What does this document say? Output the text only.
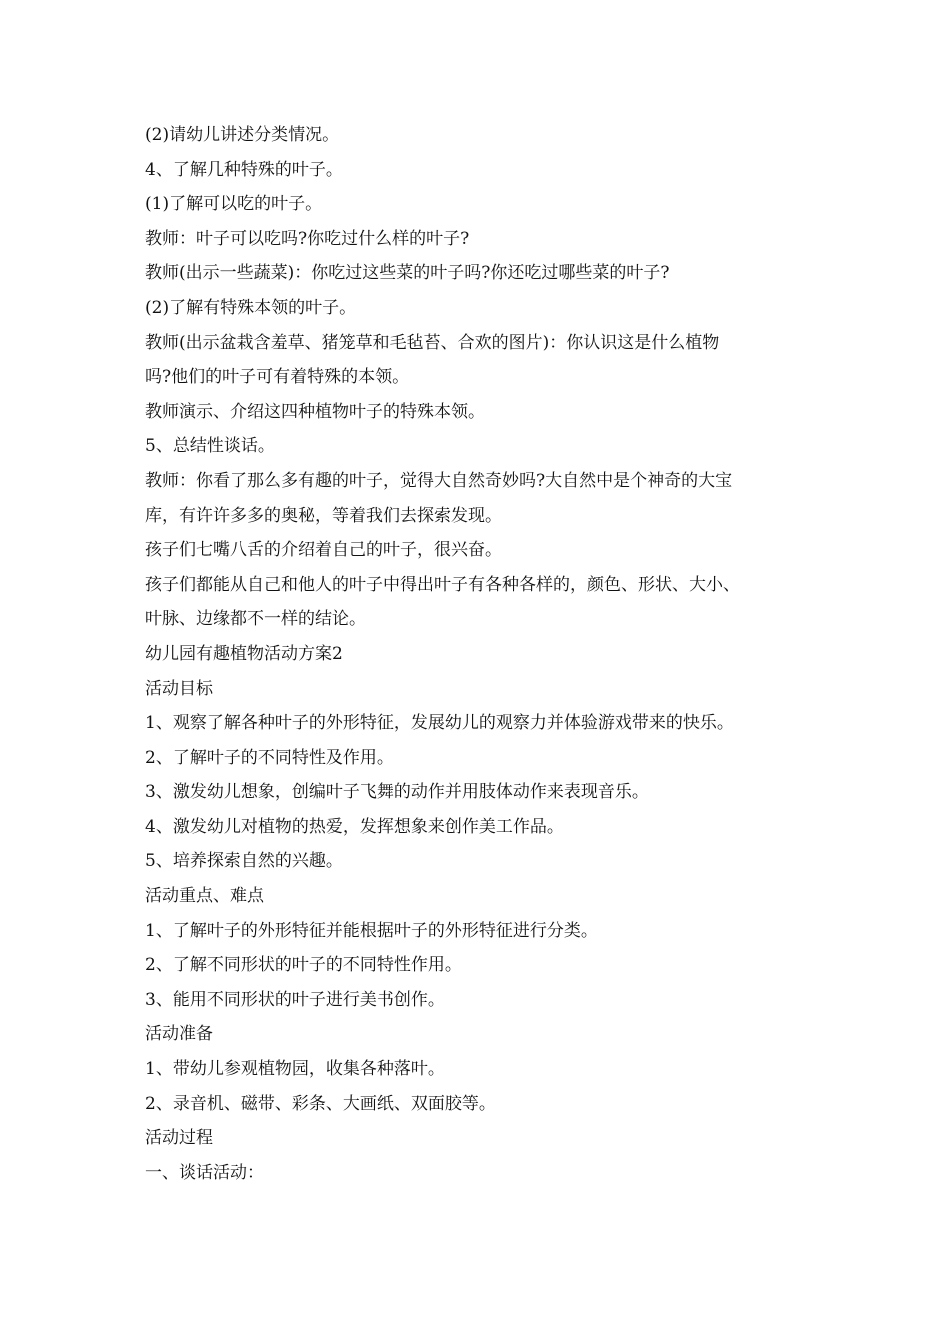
(2)请幼儿讲述分类情况。

4、了解几种特殊的叶子。

(1)了解可以吃的叶子。

教师：叶子可以吃吗?你吃过什么样的叶子?

教师(出示一些蔬菜)：你吃过这些菜的叶子吗?你还吃过哪些菜的叶子?

(2)了解有特殊本领的叶子。

教师(出示盆栽含羞草、猪笼草和毛毡苔、合欢的图片)：你认识这是什么植物

吗?他们的叶子可有着特殊的本领。

教师演示、介绍这四种植物叶子的特殊本领。

5、总结性谈话。

教师：你看了那么多有趣的叶子，觉得大自然奇妙吗?大自然中是个神奇的大宝

库，有许许多多的奥秘，等着我们去探索发现。

孩子们七嘴八舌的介绍着自己的叶子，很兴奋。

孩子们都能从自己和他人的叶子中得出叶子有各种各样的，颜色、形状、大小、

叶脉、边缘都不一样的结论。

幼儿园有趣植物活动方案2

活动目标

1、观察了解各种叶子的外形特征，发展幼儿的观察力并体验游戏带来的快乐。

2、了解叶子的不同特性及作用。

3、激发幼儿想象，创编叶子飞舞的动作并用肢体动作来表现音乐。

4、激发幼儿对植物的热爱，发挥想象来创作美工作品。

5、培养探索自然的兴趣。

活动重点、难点

1、了解叶子的外形特征并能根据叶子的外形特征进行分类。

2、了解不同形状的叶子的不同特性作用。

3、能用不同形状的叶子进行美书创作。

活动准备

1、带幼儿参观植物园，收集各种落叶。

2、录音机、磁带、彩条、大画纸、双面胶等。

活动过程

一、谈话活动：
